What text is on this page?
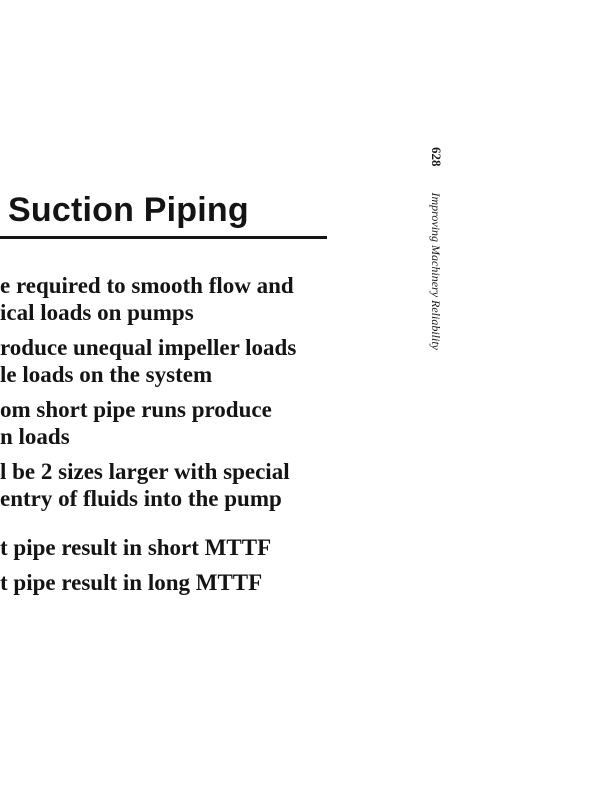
Suction Piping
e required to smooth flow and
ical loads on pumps
roduce unequal impeller loads
le loads on the system
om short pipe runs produce
n loads
l be 2 sizes larger with special
entry of fluids into the pump
t pipe result in short MTTF
t pipe result in long MTTF
628
Improving Machinery Reliability
